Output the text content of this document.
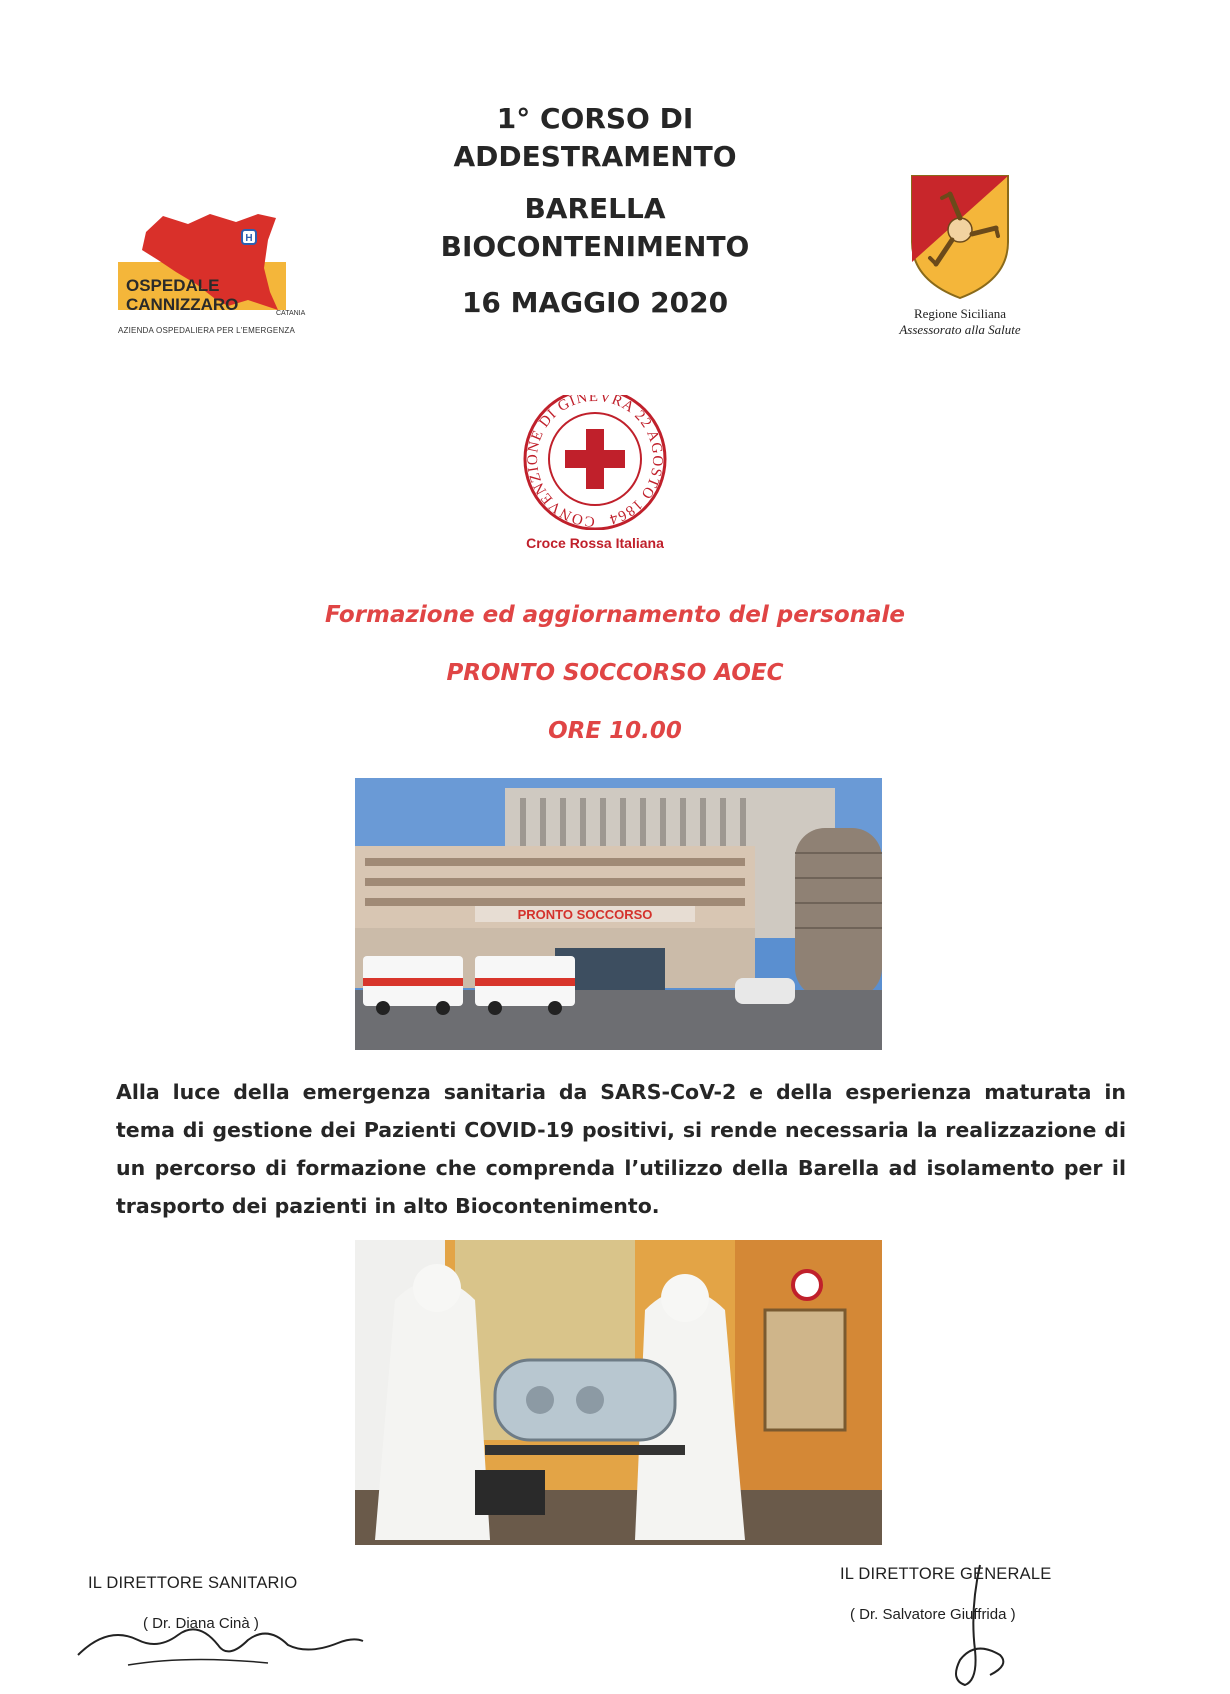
H
OSPEDALE
CANNIZZARO	CATANIA
AZIENDA OSPEDALIERA PER L'EMERGENZA
1° CORSO DI
ADDESTRAMENTO
BARELLA
BIOCONTENIMENTO
16 MAGGIO 2020	Regione Siciliana
Assessorato alla Salute
CONVENZIONE DI GINEVRA 22 AGOSTO 1864
Croce Rossa Italiana
Formazione ed aggiornamento del personale
PRONTO SOCCORSO AOEC
ORE 10.00
PRONTO SOCCORSO
Alla luce della emergenza sanitaria da SARS-CoV-2 e della esperienza maturata in tema di gestione dei Pazienti COVID-19 positivi, si rende necessaria la realizzazione di un percorso di formazione che comprenda l’utilizzo della Barella ad isolamento per il trasporto dei pazienti in alto Biocontenimento.
IL DIRETTORE SANITARIO
( Dr. Diana Cinà )
IL DIRETTORE GENERALE
( Dr. Salvatore Giuffrida )
